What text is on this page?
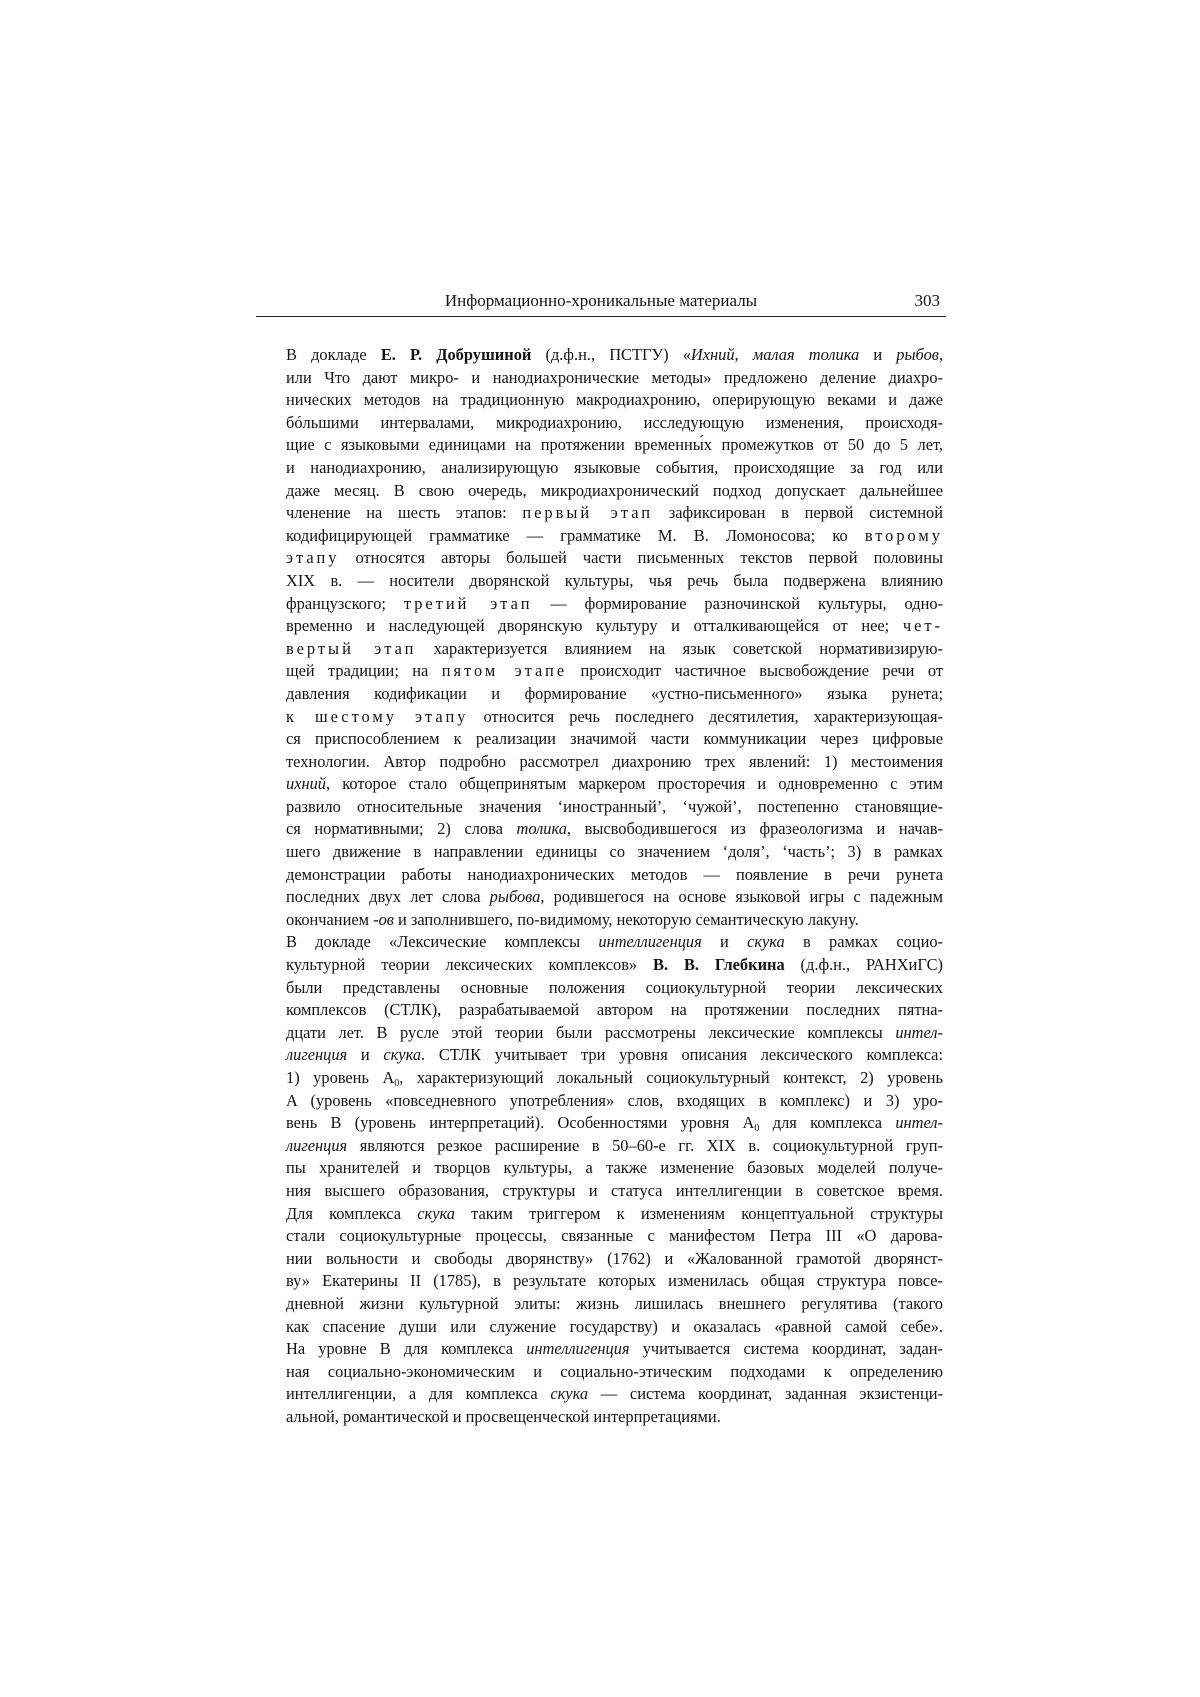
Информационно-хроникальные материалы	303

В докладе Е. Р. Добрушиной (д.ф.н., ПСТГУ) «Ихний, малая толика и рыбов,
или Что дают микро- и нанодиахронические методы» предложено деление диахро-
нических методов на традиционную макродиахронию, оперирующую веками и даже
бóльшими интервалами, микродиахронию, исследующую изменения, происходя-
щие с языковыми единицами на протяжении временны́х промежутков от 50 до 5 лет,
и нанодиахронию, анализирующую языковые события, происходящие за год или
даже месяц. В свою очередь, микродиахронический подход допускает дальнейшее
членение на шесть этапов: первый этап зафиксирован в первой системной
кодифицирующей грамматике — грамматике М. В. Ломоносова; ко второму
этапу относятся авторы большей части письменных текстов первой половины
XIX в. — носители дворянской культуры, чья речь была подвержена влиянию
французского; третий этап — формирование разночинской культуры, одно-
временно и наследующей дворянскую культуру и отталкивающейся от нее; чет-
вертый этап характеризуется влиянием на язык советской нормативизирую-
щей традиции; на пятом этапе происходит частичное высвобождение речи от
давления кодификации и формирование «устно-письменного» языка рунета;
к шестому этапу относится речь последнего десятилетия, характеризующая-
ся приспособлением к реализации значимой части коммуникации через цифровые
технологии. Автор подробно рассмотрел диахронию трех явлений: 1) местоимения
ихний, которое стало общепринятым маркером просторечия и одновременно с этим
развило относительные значения ‘иностранный’, ‘чужой’, постепенно становящие-
ся нормативными; 2) слова толика, высвободившегося из фразеологизма и начав-
шего движение в направлении единицы со значением ‘доля’, ‘часть’; 3) в рамках
демонстрации работы нанодиахронических методов — появление в речи рунета
последних двух лет слова рыбова, родившегося на основе языковой игры с падежным
окончанием -ов и заполнившего, по-видимому, некоторую семантическую лакуну.

В докладе «Лексические комплексы интеллигенция и скука в рамках социо-
культурной теории лексических комплексов» В. В. Глебкина (д.ф.н., РАНХиГС)
были представлены основные положения социокультурной теории лексических
комплексов (СТЛК), разрабатываемой автором на протяжении последних пятна-
дцати лет. В русле этой теории были рассмотрены лексические комплексы интел-
лигенция и скука. СТЛК учитывает три уровня описания лексического комплекса:
1) уровень $A_0$, характеризующий локальный социокультурный контекст, 2) уровень
A (уровень «повседневного употребления» слов, входящих в комплекс) и 3) уро-
вень B (уровень интерпретаций). Особенностями уровня $A_0$ для комплекса интел-
лигенция являются резкое расширение в 50–60-е гг. XIX в. социокультурной груп-
пы хранителей и творцов культуры, а также изменение базовых моделей получе-
ния высшего образования, структуры и статуса интеллигенции в советское время.
Для комплекса скука таким триггером к изменениям концептуальной структуры
стали социокультурные процессы, связанные с манифестом Петра III «О дарова-
нии вольности и свободы дворянству» (1762) и «Жалованной грамотой дворянст-
ву» Екатерины II (1785), в результате которых изменилась общая структура повсе-
дневной жизни культурной элиты: жизнь лишилась внешнего регулятива (такого
как спасение души или служение государству) и оказалась «равной самой себе».
На уровне B для комплекса интеллигенция учитывается система координат, задан-
ная социально-экономическим и социально-этическим подходами к определению
интеллигенции, а для комплекса скука — система координат, заданная экзистенци-
альной, романтической и просвещенческой интерпретациями.
